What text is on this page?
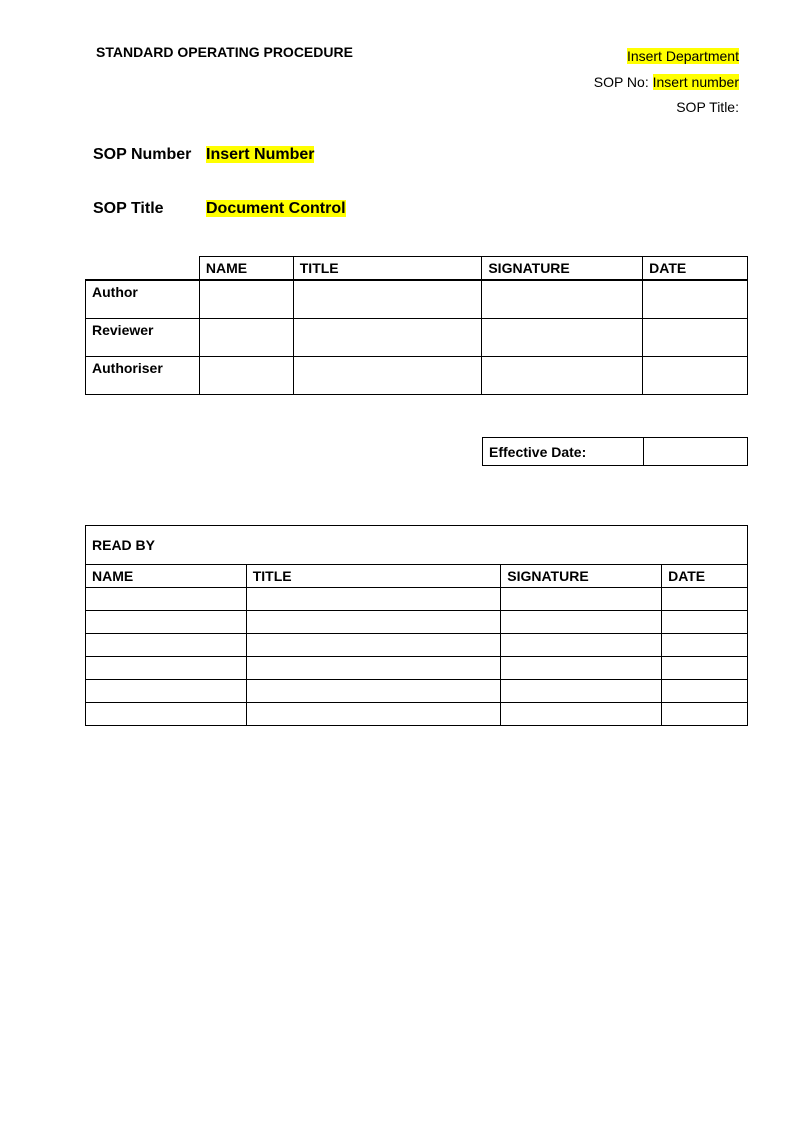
STANDARD OPERATING PROCEDURE	Insert Department
SOP No: Insert number
SOP Title:
SOP Number Insert Number
SOP Title	Document Control
	NAME	TITLE	SIGNATURE	DATE
Author				
Reviewer				
Authoriser				
Effective Date:	
READ BY			
NAME	TITLE	SIGNATURE	DATE
